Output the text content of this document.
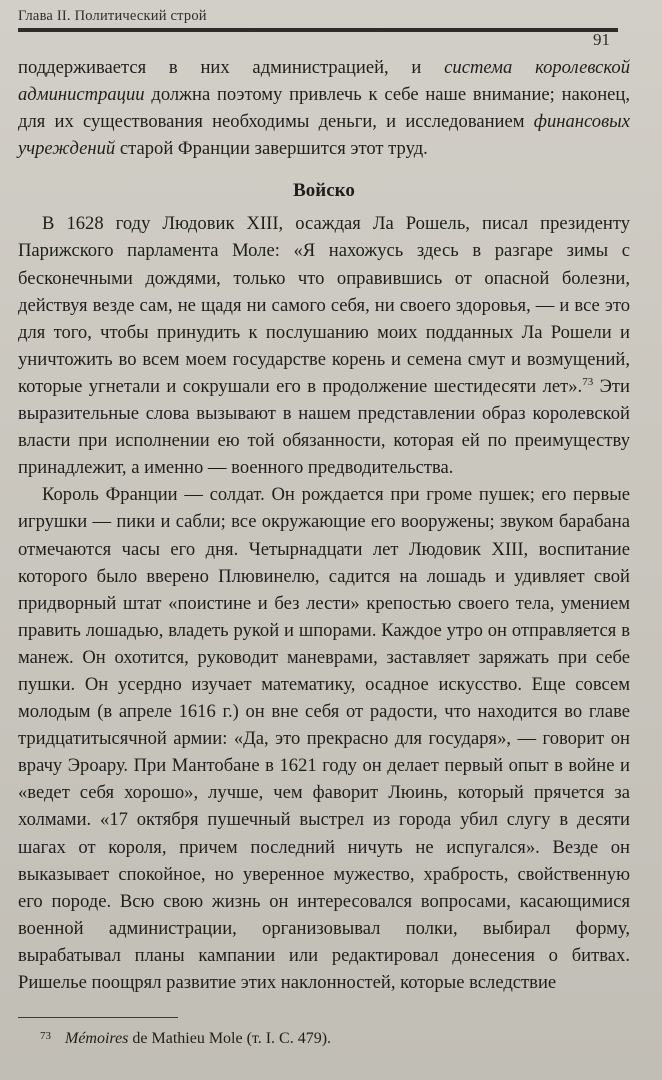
Глава II. Политический строй
91

поддерживается в них администрацией, и система королевской администрации должна поэтому привлечь к себе наше внимание; наконец, для их существования необходимы деньги, и исследованием финансовых учреждений старой Франции завершится этот труд.

Войско

В 1628 году Людовик XIII, осаждая Ла Рошель, писал президенту Парижского парламента Моле: «Я нахожусь здесь в разгаре зимы с бесконечными дождями, только что оправившись от опасной болезни, действуя везде сам, не щадя ни самого себя, ни своего здоровья, — и все это для того, чтобы принудить к послушанию моих подданных Ла Рошели и уничтожить во всем моем государстве корень и семена смут и возмущений, которые угнетали и сокрушали его в продолжение шестидесяти лет».$^{73}$ Эти выразительные слова вызывают в нашем представлении образ королевской власти при исполнении ею той обязанности, которая ей по преимуществу принадлежит, а именно — военного предводительства.

Король Франции — солдат. Он рождается при громе пушек; его первые игрушки — пики и сабли; все окружающие его вооружены; звуком барабана отмечаются часы его дня. Четырнадцати лет Людовик XIII, воспитание которого было вверено Плювинелю, садится на лошадь и удивляет свой придворный штат «поистине и без лести» крепостью своего тела, умением править лошадью, владеть рукой и шпорами. Каждое утро он отправляется в манеж. Он охотится, руководит маневрами, заставляет заряжать при себе пушки. Он усердно изучает математику, осадное искусство. Еще совсем молодым (в апреле 1616 г.) он вне себя от радости, что находится во главе тридцатитысячной армии: «Да, это прекрасно для государя», — говорит он врачу Эроару. При Мантобане в 1621 году он делает первый опыт в войне и «ведет себя хорошо», лучше, чем фаворит Люинь, который прячется за холмами. «17 октября пушечный выстрел из города убил слугу в десяти шагах от короля, причем последний ничуть не испугался». Везде он выказывает спокойное, но уверенное мужество, храбрость, свойственную его породе. Всю свою жизнь он интересовался вопросами, касающимися военной администрации, организовывал полки, выбирал форму, вырабатывал планы кампании или редактировал донесения о битвах. Ришелье поощрял развитие этих наклонностей, которые вследствие

$^{73}$ Mémoires de Mathieu Mole (т. I. С. 479).
